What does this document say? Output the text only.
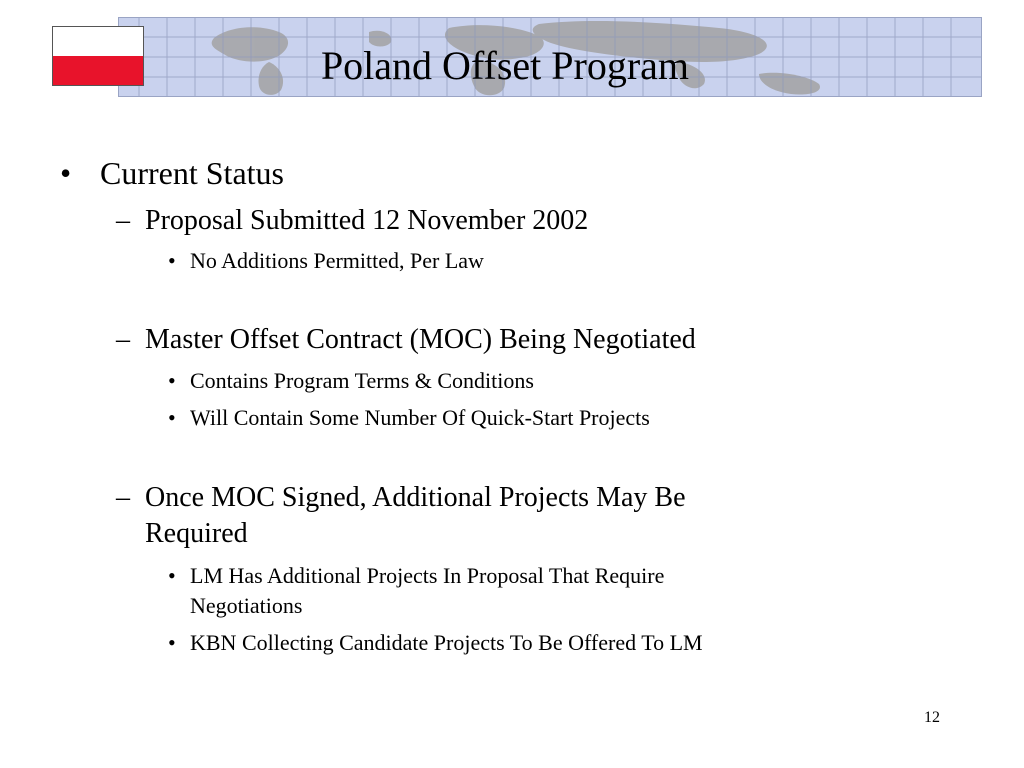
Poland Offset Program
• Current Status
– Proposal Submitted 12 November 2002
• No Additions Permitted, Per Law
– Master Offset Contract (MOC) Being Negotiated
• Contains Program Terms & Conditions
• Will Contain Some Number Of Quick-Start Projects
– Once MOC Signed, Additional Projects May Be
Required
• LM Has Additional Projects In Proposal That Require
Negotiations
• KBN Collecting Candidate Projects To Be Offered To LM
12
